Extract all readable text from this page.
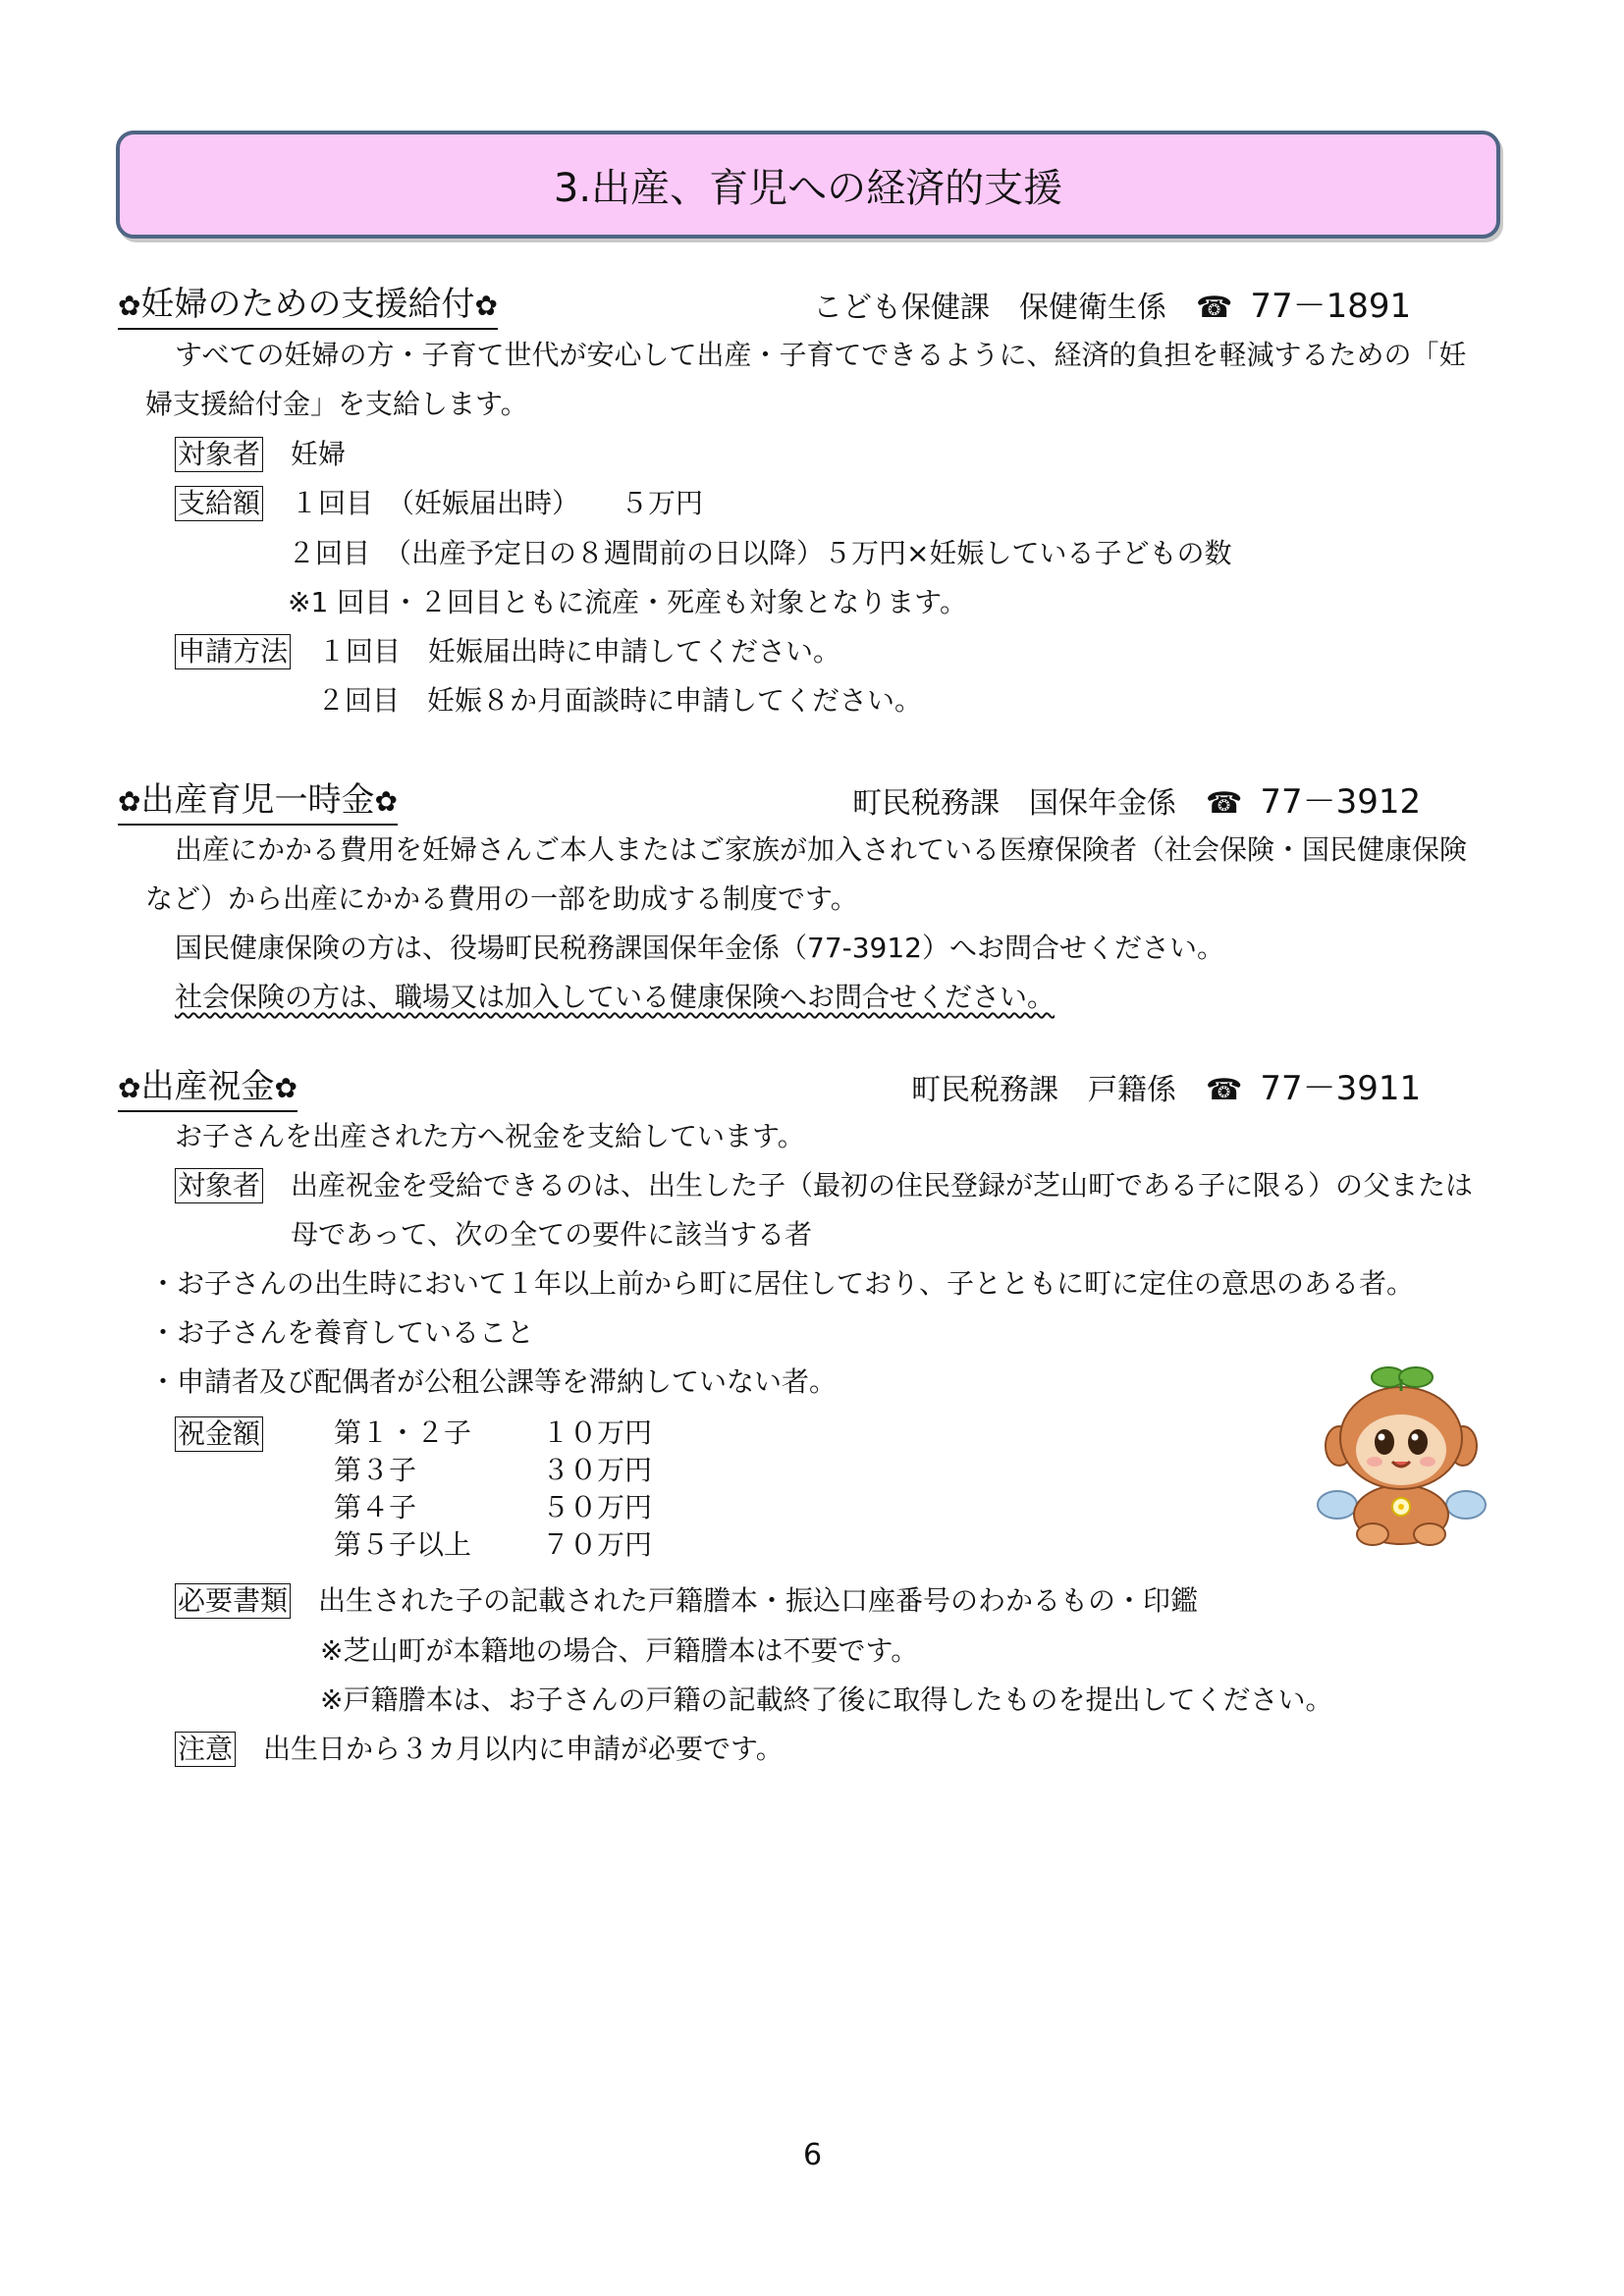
3.出産、育児への経済的支援
✿妊婦のための支援給付✿	こども保健課　保健衛生係　 ☎ 77－1891
すべての妊婦の方・子育て世代が安心して出産・子育てできるように、経済的負担を軽減するための「妊
婦支援給付金」を支給します。
対象者　 妊婦
支給額　 １回目　（妊娠届出時）　　５万円
２回目　（出産予定日の８週間前の日以降）５万円×妊娠している子どもの数
※1 回目・２回目ともに流産・死産も対象となります。
申請方法　 １回目　妊娠届出時に申請してください。
２回目　妊娠８か月面談時に申請してください。
✿出産育児一時金✿	町民税務課　国保年金係　 ☎ 77－3912
出産にかかる費用を妊婦さんご本人またはご家族が加入されている医療保険者（社会保険・国民健康保険
など）から出産にかかる費用の一部を助成する制度です。
国民健康保険の方は、役場町民税務課国保年金係（77-3912）へお問合せください。
社会保険の方は、職場又は加入している健康保険へお問合せください。
✿出産祝金✿	町民税務課　戸籍係　 ☎ 77－3911
お子さんを出産された方へ祝金を支給しています。
対象者　 出産祝金を受給できるのは、出生した子（最初の住民登録が芝山町である子に限る）の父または
母であって、次の全ての要件に該当する者
・お子さんの出生時において１年以上前から町に居住しており、子とともに町に定住の意思のある者。
・お子さんを養育していること
・申請者及び配偶者が公租公課等を滞納していない者。
祝金額	第１・２子	１０万円
第３子	３０万円
第４子	５０万円
第５子以上	７０万円
必要書類　 出生された子の記載された戸籍謄本・振込口座番号のわかるもの・印鑑
※芝山町が本籍地の場合、戸籍謄本は不要です。
※戸籍謄本は、お子さんの戸籍の記載終了後に取得したものを提出してください。
注意　 出生日から３カ月以内に申請が必要です。
6
